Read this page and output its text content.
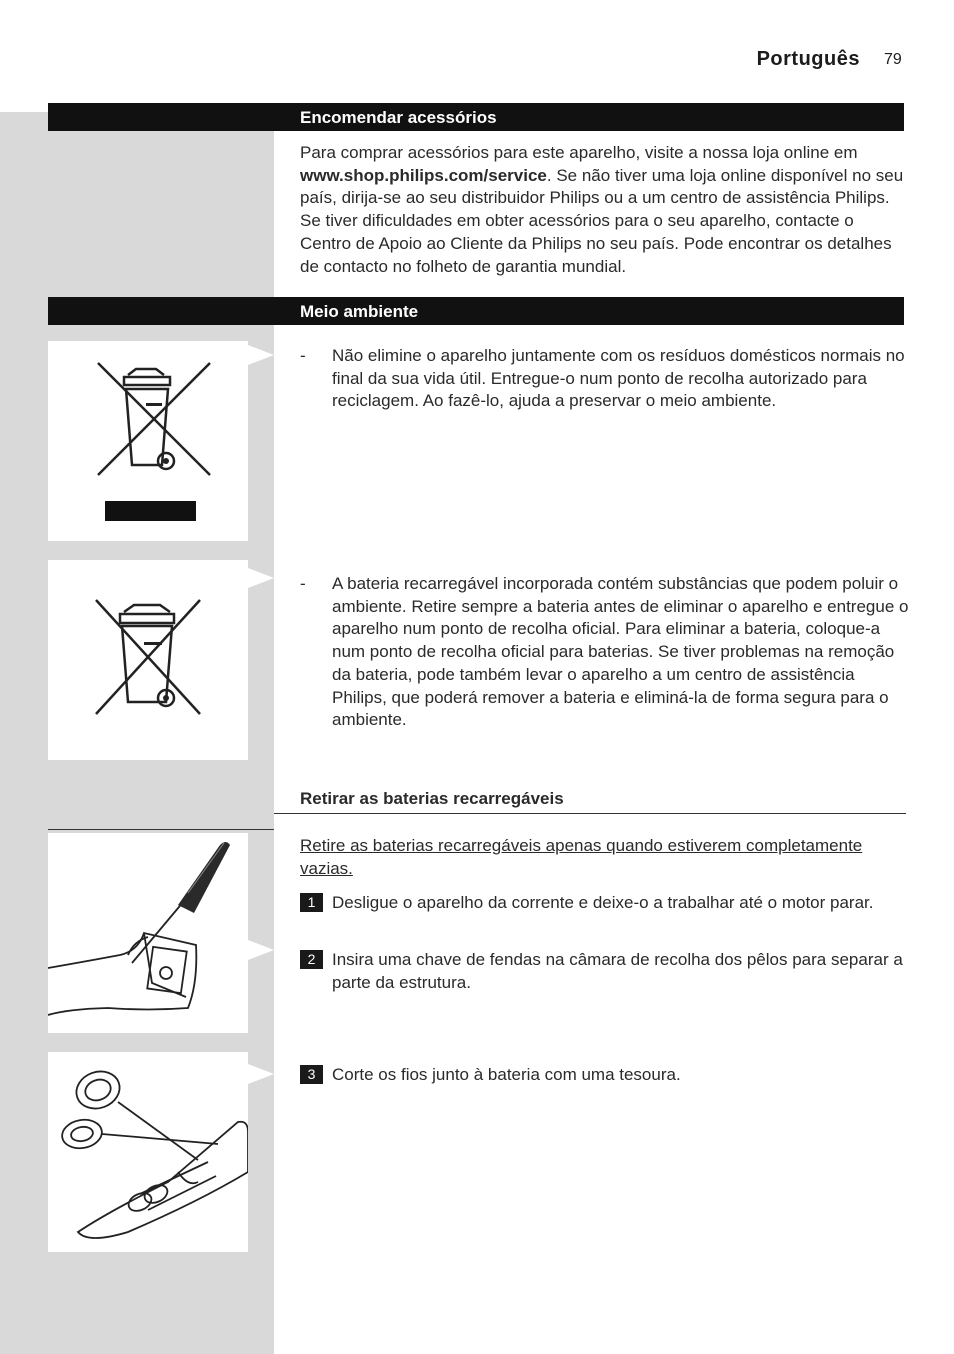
Português 79
Encomendar acessórios

Para comprar acessórios para este aparelho, visite a nossa loja online em www.shop.philips.com/service. Se não tiver uma loja online disponível no seu país, dirija-se ao seu distribuidor Philips ou a um centro de assistência Philips. Se tiver dificuldades em obter acessórios para o seu aparelho, contacte o Centro de Apoio ao Cliente da Philips no seu país. Pode encontrar os detalhes de contacto no folheto de garantia mundial.

Meio ambiente
- Não elimine o aparelho juntamente com os resíduos domésticos normais no final da sua vida útil. Entregue-o num ponto de recolha autorizado para reciclagem. Ao fazê-lo, ajuda a preservar o meio ambiente.
- A bateria recarregável incorporada contém substâncias que podem poluir o ambiente. Retire sempre a bateria antes de eliminar o aparelho e entregue o aparelho num ponto de recolha oficial. Para eliminar a bateria, coloque-a num ponto de recolha oficial para baterias. Se tiver problemas na remoção da bateria, pode também levar o aparelho a um centro de assistência Philips, que poderá remover a bateria e eliminá-la de forma segura para o ambiente.
Retirar as baterias recarregáveis
Retire as baterias recarregáveis apenas quando estiverem completamente vazias.
1 Desligue o aparelho da corrente e deixe-o a trabalhar até o motor parar.
2 Insira uma chave de fendas na câmara de recolha dos pêlos para separar a parte da estrutura.
3 Corte os fios junto à bateria com uma tesoura.
